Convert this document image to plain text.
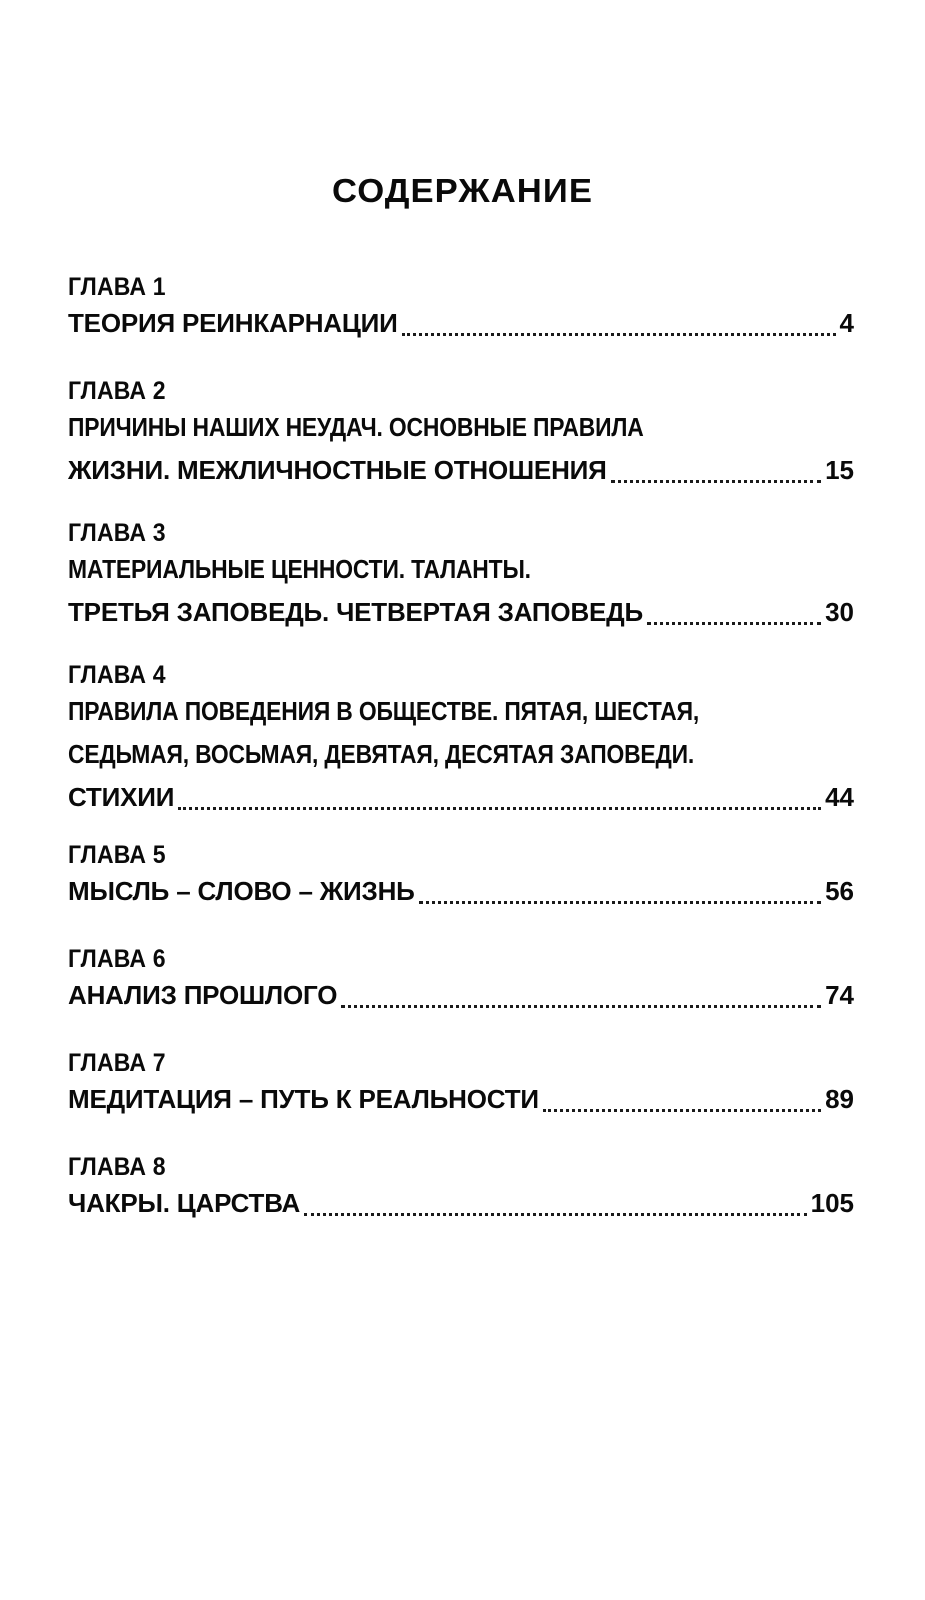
СОДЕРЖАНИЕ
ГЛАВА 1
ТЕОРИЯ РЕИНКАРНАЦИИ	4
ГЛАВА 2
ПРИЧИНЫ НАШИХ НЕУДАЧ. ОСНОВНЫЕ ПРАВИЛА
ЖИЗНИ. МЕЖЛИЧНОСТНЫЕ ОТНОШЕНИЯ	15
ГЛАВА 3
МАТЕРИАЛЬНЫЕ ЦЕННОСТИ. ТАЛАНТЫ.
ТРЕТЬЯ ЗАПОВЕДЬ. ЧЕТВЕРТАЯ ЗАПОВЕДЬ	30
ГЛАВА 4
ПРАВИЛА ПОВЕДЕНИЯ В ОБЩЕСТВЕ. ПЯТАЯ, ШЕСТАЯ,
СЕДЬМАЯ, ВОСЬМАЯ, ДЕВЯТАЯ, ДЕСЯТАЯ ЗАПОВЕДИ.
СТИХИИ	44
ГЛАВА 5
МЫСЛЬ – СЛОВО – ЖИЗНЬ	56
ГЛАВА 6
АНАЛИЗ ПРОШЛОГО	74
ГЛАВА 7
МЕДИТАЦИЯ – ПУТЬ К РЕАЛЬНОСТИ	89
ГЛАВА 8
ЧАКРЫ. ЦАРСТВА	105
